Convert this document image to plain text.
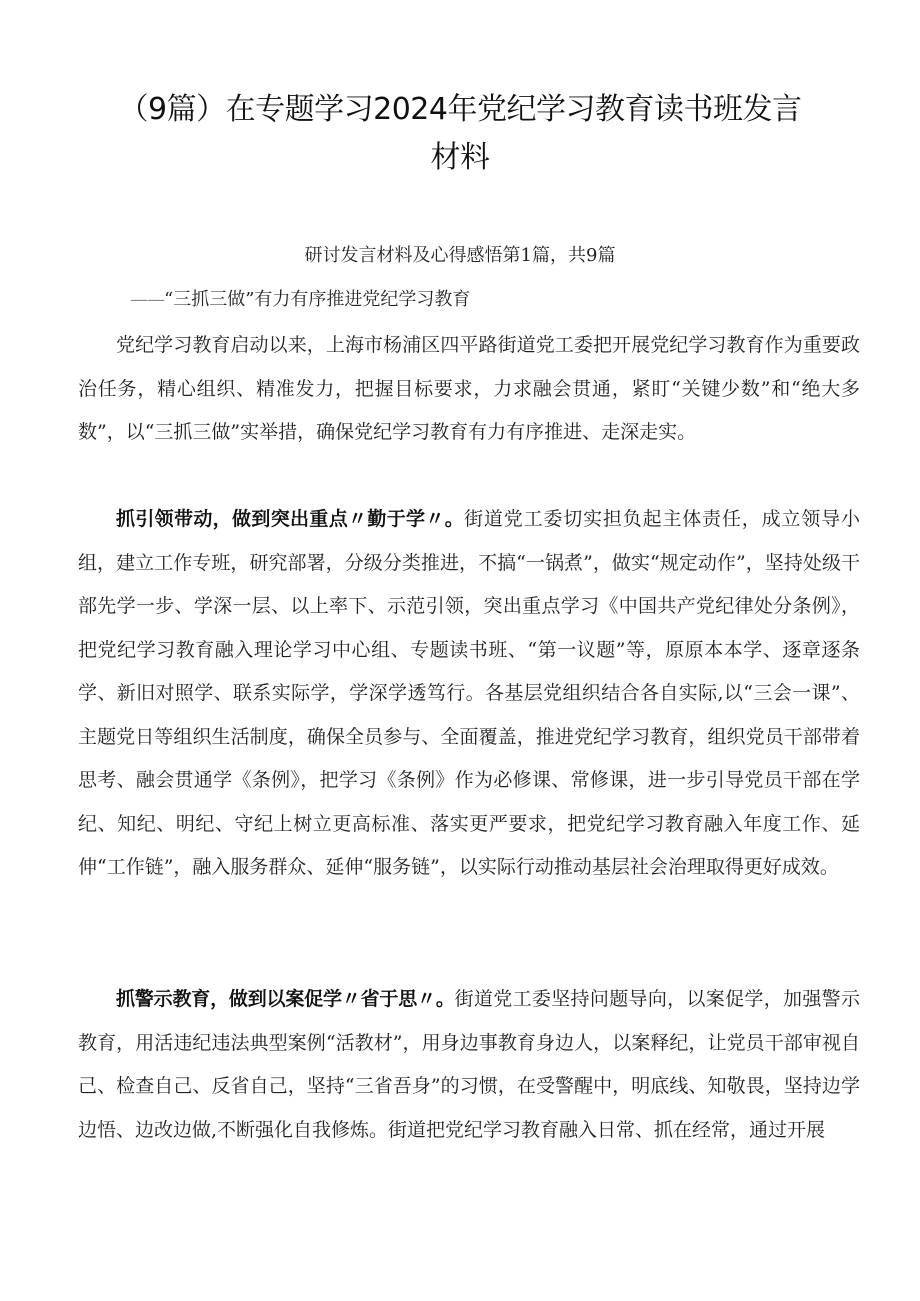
（9篇）在专题学习2024年党纪学习教育读书班发言
材料
研讨发言材料及心得感悟第1篇，共9篇
——“三抓三做”有力有序推进党纪学习教育

党纪学习教育启动以来，上海市杨浦区四平路街道党工委把开展党纪学习教育作为重要政治任务，精心组织、精准发力，把握目标要求，力求融会贯通，紧盯“关键少数”和“绝大多数”，以“三抓三做”实举措，确保党纪学习教育有力有序推进、走深走实。

抓引领带动，做到突出重点〃勤于学〃。街道党工委切实担负起主体责任，成立领导小组，建立工作专班，研究部署，分级分类推进，不搞“一锅煮”，做实“规定动作”，坚持处级干部先学一步、学深一层、以上率下、示范引领，突出重点学习《中国共产党纪律处分条例》，把党纪学习教育融入理论学习中心组、专题读书班、“第一议题”等，原原本本学、逐章逐条学、新旧对照学、联系实际学，学深学透笃行。各基层党组织结合各自实际,以“三会一课”、主题党日等组织生活制度，确保全员参与、全面覆盖，推进党纪学习教育，组织党员干部带着思考、融会贯通学《条例》，把学习《条例》作为必修课、常修课，进一步引导党员干部在学纪、知纪、明纪、守纪上树立更高标准、落实更严要求，把党纪学习教育融入年度工作、延伸“工作链”，融入服务群众、延伸“服务链”，以实际行动推动基层社会治理取得更好成效。

抓警示教育，做到以案促学〃省于思〃。街道党工委坚持问题导向，以案促学，加强警示教育，用活违纪违法典型案例“活教材”，用身边事教育身边人，以案释纪，让党员干部审视自己、检查自己、反省自己，坚持“三省吾身”的习惯，在受警醒中，明底线、知敬畏，坚持边学边悟、边改边做,不断强化自我修炼。街道把党纪学习教育融入日常、抓在经常，通过开展
